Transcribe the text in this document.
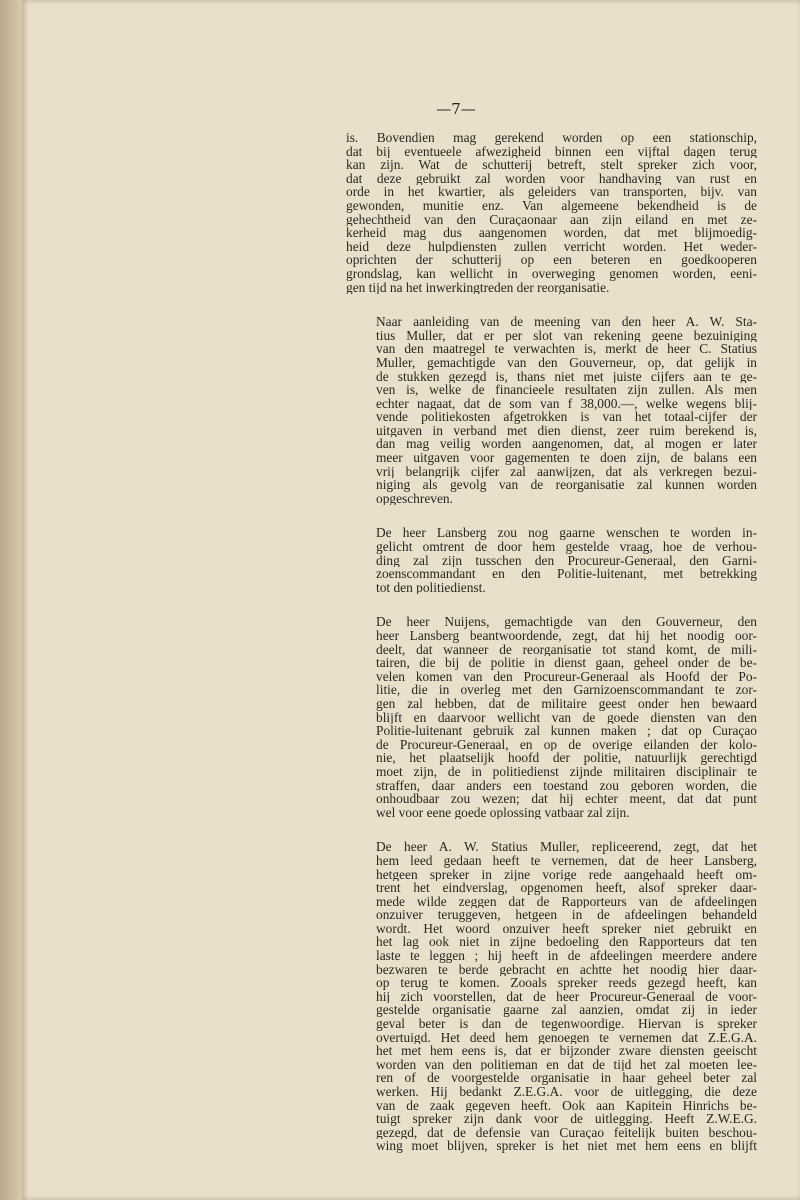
—7—

is. Bovendien mag gerekend worden op een stationschip,
dat bij eventueele afwezigheid binnen een vijftal dagen terug
kan zijn. Wat de schutterij betreft, stelt spreker zich voor,
dat deze gebruikt zal worden voor handhaving van rust en
orde in het kwartier, als geleiders van transporten, bijv. van
gewonden, munitie enz. Van algemeene bekendheid is de
gehechtheid van den Curaçaonaar aan zijn eiland en met ze-
kerheid mag dus aangenomen worden, dat met blijmoedig-
heid deze hulpdiensten zullen verricht worden. Het weder-
oprichten der schutterij op een beteren en goedkooperen
grondslag, kan wellicht in overweging genomen worden, eeni-
gen tijd na het inwerkingtreden der reorganisatie.

Naar aanleiding van de meening van den heer A. W. Sta-
tius Muller, dat er per slot van rekening geene bezuiniging
van den maatregel te verwachten is, merkt de heer C. Statius
Muller, gemachtigde van den Gouverneur, op, dat gelijk in
de stukken gezegd is, thans niet met juiste cijfers aan te ge-
ven is, welke de financieele resultaten zijn zullen. Als men
echter nagaat, dat de som van f 38,000.—, welke wegens blij-
vende politiekosten afgetrokken is van het totaal-cijfer der
uitgaven in verband met dien dienst, zeer ruim berekend is,
dan mag veilig worden aangenomen, dat, al mogen er later
meer uitgaven voor gagementen te doen zijn, de balans een
vrij belangrijk cijfer zal aanwijzen, dat als verkregen bezui-
niging als gevolg van de reorganisatie zal kunnen worden
opgeschreven.

De heer Lansberg zou nog gaarne wenschen te worden in-
gelicht omtrent de door hem gestelde vraag, hoe de verhou-
ding zal zijn tusschen den Procureur-Generaal, den Garni-
zoenscommandant en den Politie-luitenant, met betrekking
tot den politiedienst.

De heer Nuijens, gemachtigde van den Gouverneur, den
heer Lansberg beantwoordende, zegt, dat hij het noodig oor-
deelt, dat wanneer de reorganisatie tot stand komt, de mili-
tairen, die bij de politie in dienst gaan, geheel onder de be-
velen komen van den Procureur-Generaal als Hoofd der Po-
litie, die in overleg met den Garnizoenscommandant te zor-
gen zal hebben, dat de militaire geest onder hen bewaard
blijft en daarvoor wellicht van de goede diensten van den
Politie-luitenant gebruik zal kunnen maken ; dat op Curaçao
de Procureur-Generaal, en op de overige eilanden der kolo-
nie, het plaatselijk hoofd der politie, natuurlijk gerechtigd
moet zijn, de in politiedienst zijnde militairen disciplinair te
straffen, daar anders een toestand zou geboren worden, die
onhoudbaar zou wezen; dat hij echter meent, dat dat punt
wel voor eene goede oplossing vatbaar zal zijn.

De heer A. W. Statius Muller, repliceerend, zegt, dat het
hem leed gedaan heeft te vernemen, dat de heer Lansberg,
hetgeen spreker in zijne vorige rede aangehaald heeft om-
trent het eindverslag, opgenomen heeft, alsof spreker daar-
mede wilde zeggen dat de Rapporteurs van de afdeelingen
onzuiver teruggeven, hetgeen in de afdeelingen behandeld
wordt. Het woord onzuiver heeft spreker niet gebruikt en
het lag ook niet in zijne bedoeling den Rapporteurs dat ten
laste te leggen ; hij heeft in de afdeelingen meerdere andere
bezwaren te berde gebracht en achtte het noodig hier daar-
op terug te komen. Zooals spreker reeds gezegd heeft, kan
hij zich voorstellen, dat de heer Procureur-Generaal de voor-
gestelde organisatie gaarne zal aanzien, omdat zij in ieder
geval beter is dan de tegenwoordige. Hiervan is spreker
overtuigd. Het deed hem genoegen te vernemen dat Z.E.G.A.
het met hem eens is, dat er bijzonder zware diensten geeischt
worden van den politieman en dat de tijd het zal moeten lee-
ren of de voorgestelde organisatie in haar geheel beter zal
werken. Hij bedankt Z.E.G.A. voor de uitlegging, die deze
van de zaak gegeven heeft. Ook aan Kapitein Hinrichs be-
tuigt spreker zijn dank voor de uitlegging. Heeft Z.W.E.G.
gezegd, dat de defensie van Curaçao feitelijk buiten beschou-
wing moet blijven, spreker is het niet met hem eens en blijft
